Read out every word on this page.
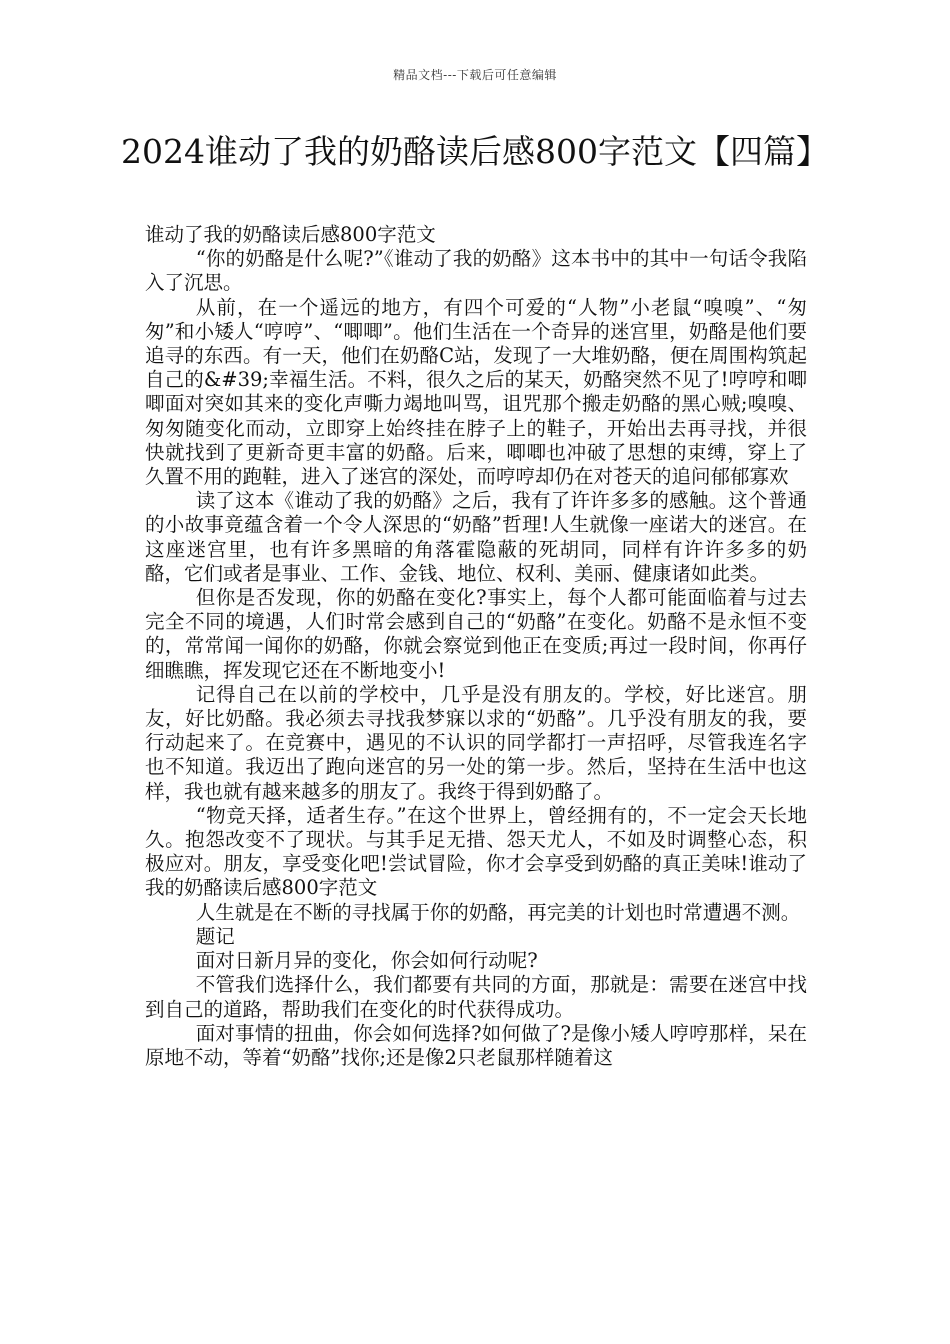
精品文档---下载后可任意编辑
2024谁动了我的奶酪读后感800字范文【四篇】

谁动了我的奶酪读后感800字范文

“你的奶酪是什么呢?”《谁动了我的奶酪》这本书中的其中一句话令我陷入了沉思。

从前，在一个遥远的地方，有四个可爱的“人物”小老鼠“嗅嗅”、“匆匆”和小矮人“哼哼”、“唧唧”。他们生活在一个奇异的迷宫里，奶酪是他们要追寻的东西。有一天，他们在奶酪C站，发现了一大堆奶酪，便在周围构筑起自己的&#39;幸福生活。不料，很久之后的某天，奶酪突然不见了!哼哼和唧唧面对突如其来的变化声嘶力竭地叫骂，诅咒那个搬走奶酪的黑心贼;嗅嗅、匆匆随变化而动，立即穿上始终挂在脖子上的鞋子，开始出去再寻找，并很快就找到了更新奇更丰富的奶酪。后来，唧唧也冲破了思想的束缚，穿上了久置不用的跑鞋，进入了迷宫的深处，而哼哼却仍在对苍天的追问郁郁寡欢

读了这本《谁动了我的奶酪》之后，我有了许许多多的感触。这个普通的小故事竟蕴含着一个令人深思的“奶酪”哲理!人生就像一座诺大的迷宫。在这座迷宫里，也有许多黑暗的角落霍隐蔽的死胡同，同样有许许多多的奶酪，它们或者是事业、工作、金钱、地位、权利、美丽、健康诸如此类。

但你是否发现，你的奶酪在变化?事实上，每个人都可能面临着与过去完全不同的境遇，人们时常会感到自己的“奶酪”在变化。奶酪不是永恒不变的，常常闻一闻你的奶酪，你就会察觉到他正在变质;再过一段时间，你再仔细瞧瞧，挥发现它还在不断地变小!

记得自己在以前的学校中，几乎是没有朋友的。学校，好比迷宫。朋友，好比奶酪。我必须去寻找我梦寐以求的“奶酪”。几乎没有朋友的我，要行动起来了。在竞赛中，遇见的不认识的同学都打一声招呼，尽管我连名字也不知道。我迈出了跑向迷宫的另一处的第一步。然后，坚持在生活中也这样，我也就有越来越多的朋友了。我终于得到奶酪了。

“物竞天择，适者生存。”在这个世界上，曾经拥有的，不一定会天长地久。抱怨改变不了现状。与其手足无措、怨天尤人，不如及时调整心态，积极应对。朋友，享受变化吧!尝试冒险，你才会享受到奶酪的真正美味!谁动了我的奶酪读后感800字范文

人生就是在不断的寻找属于你的奶酪，再完美的计划也时常遭遇不测。

题记

面对日新月异的变化，你会如何行动呢?

不管我们选择什么，我们都要有共同的方面，那就是：需要在迷宫中找到自己的道路，帮助我们在变化的时代获得成功。

面对事情的扭曲，你会如何选择?如何做了?是像小矮人哼哼那样，呆在原地不动，等着“奶酪”找你;还是像2只老鼠那样随着这
